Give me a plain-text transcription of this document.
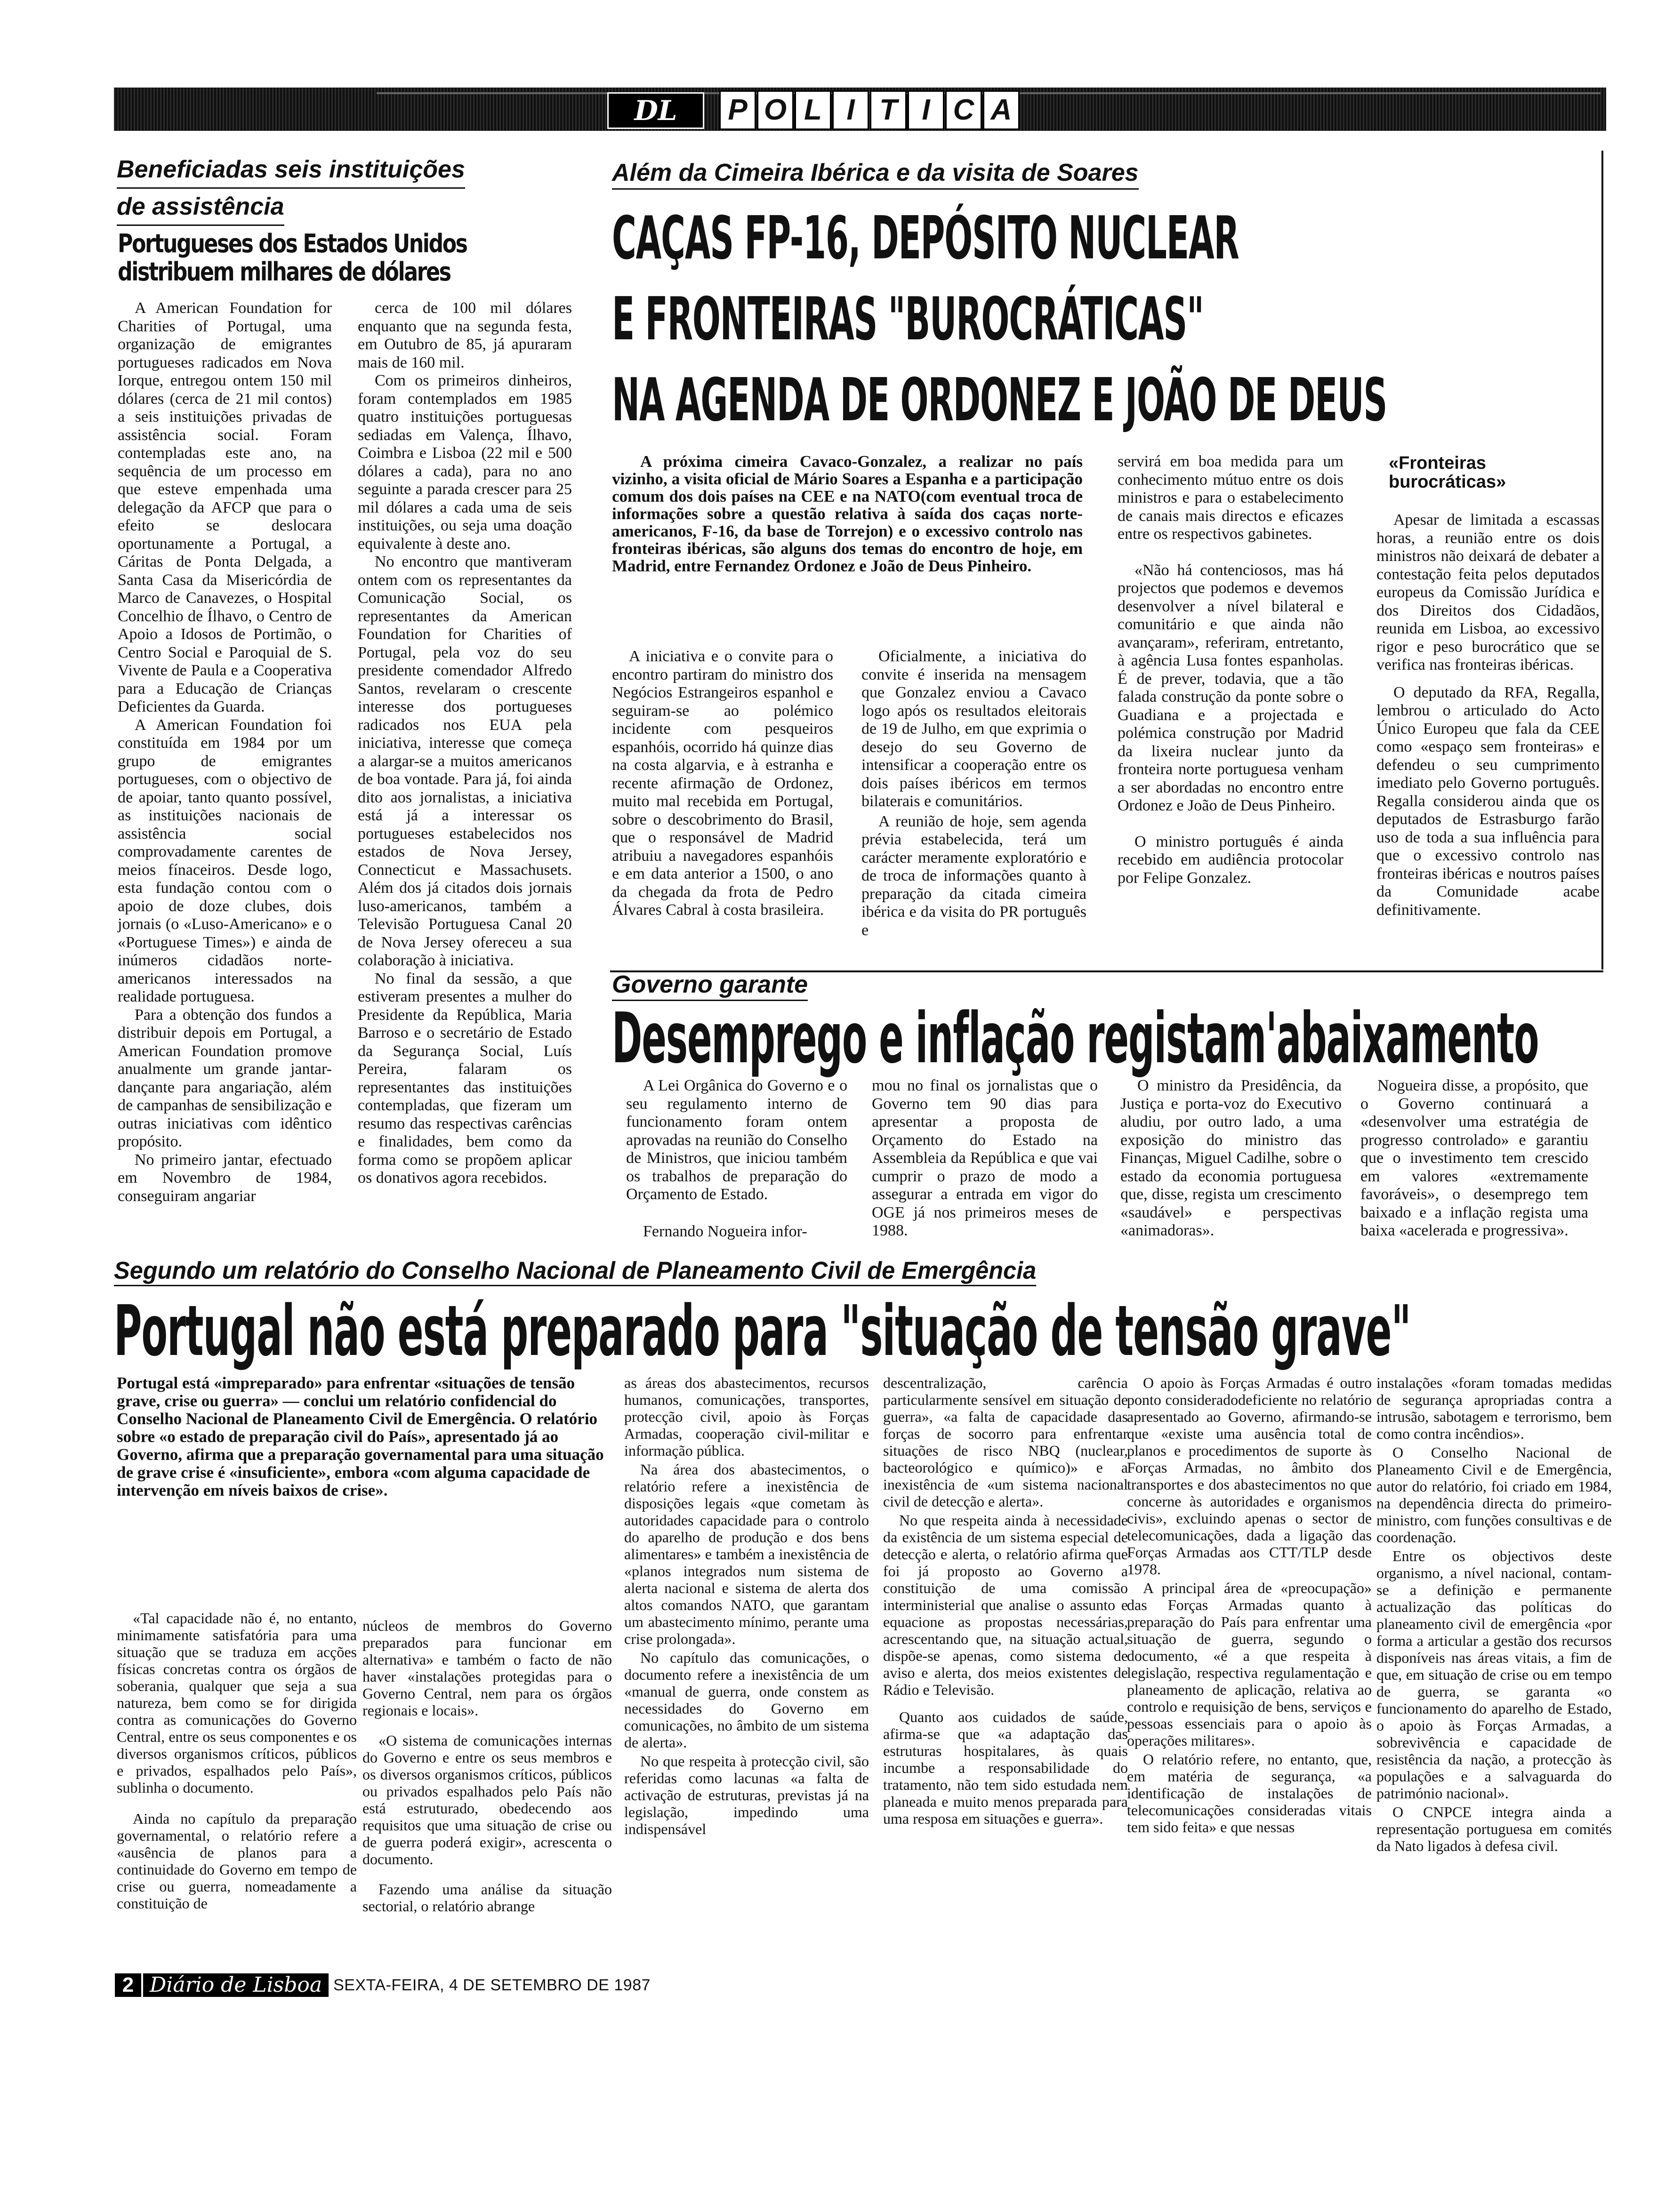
DL	P O L I T I C A
Beneficiadas seis instituições
de assistência
Portugueses dos Estados Unidos
distribuem milhares de dólares

A American Foundation for Charities of Portugal, uma organização de emigrantes portugueses radicados em Nova Iorque, entregou ontem 150 mil dólares (cerca de 21 mil contos) a seis instituições privadas de assistência social. Foram contempladas este ano, na sequência de um processo em que esteve empenhada uma delegação da AFCP que para o efeito se deslocara oportunamente a Portugal, a Cáritas de Ponta Delgada, a Santa Casa da Misericórdia de Marco de Canavezes, o Hospital Concelhio de Ílhavo, o Centro de Apoio a Idosos de Portimão, o Centro Social e Paroquial de S. Vivente de Paula e a Cooperativa para a Educação de Crianças Deficientes da Guarda.

A American Foundation foi constituída em 1984 por um grupo de emigrantes portugueses, com o objectivo de de apoiar, tanto quanto possível, as instituições nacionais de assistência social comprovadamente carentes de meios fínaceiros. Desde logo, esta fundação contou com o apoio de doze clubes, dois jornais (o «Luso-Americano» e o «Portuguese Times») e ainda de inúmeros cidadãos norte-americanos interessados na realidade portuguesa.

Para a obtenção dos fundos a distribuir depois em Portugal, a American Foundation promove anualmente um grande jantar-dançante para angariação, além de campanhas de sensibilização e outras iniciativas com idêntico propósito.

No primeiro jantar, efectuado em Novembro de 1984, conseguiram angariar

cerca de 100 mil dólares enquanto que na segunda festa, em Outubro de 85, já apuraram mais de 160 mil.

Com os primeiros dinheiros, foram contemplados em 1985 quatro instituições portuguesas sediadas em Valença, Ílhavo, Coimbra e Lisboa (22 mil e 500 dólares a cada), para no ano seguinte a parada crescer para 25 mil dólares a cada uma de seis instituições, ou seja uma doação equivalente à deste ano.

No encontro que mantiveram ontem com os representantes da Comunicação Social, os representantes da American Foundation for Charities of Portugal, pela voz do seu presidente comendador Alfredo Santos, revelaram o crescente interesse dos portugueses radicados nos EUA pela iniciativa, interesse que começa a alargar-se a muitos americanos de boa vontade. Para já, foi ainda dito aos jornalistas, a iniciativa está já a interessar os portugueses estabelecidos nos estados de Nova Jersey, Connecticut e Massachusets. Além dos já citados dois jornais luso-americanos, também a Televisão Portuguesa Canal 20 de Nova Jersey ofereceu a sua colaboração à iniciativa.

No final da sessão, a que estiveram presentes a mulher do Presidente da República, Maria Barroso e o secretário de Estado da Segurança Social, Luís Pereira, falaram os representantes das instituições contempladas, que fizeram um resumo das respectivas carências e finalidades, bem como da forma como se propõem aplicar os donativos agora recebidos.

Além da Cimeira Ibérica e da visita de Soares
CAÇAS FP-16, DEPÓSITO NUCLEAR
E FRONTEIRAS "BUROCRÁTICAS"
NA AGENDA DE ORDONEZ E JOÃO DE DEUS
A próxima cimeira Cavaco-Gonzalez, a realizar no país vizinho, a visita oficial de Mário Soares a Espanha e a participação comum dos dois países na CEE e na NATO(com eventual troca de informações sobre a questão relativa à saída dos caças norte-americanos, F-16, da base de Torrejon) e o excessivo controlo nas fronteiras ibéricas, são alguns dos temas do encontro de hoje, em Madrid, entre Fernandez Ordonez e João de Deus Pinheiro.

A iniciativa e o convite para o encontro partiram do ministro dos Negócios Estrangeiros espanhol e seguiram-se ao polémico incidente com pesqueiros espanhóis, ocorrido há quinze dias na costa algarvia, e à estranha e recente afirmação de Ordonez, muito mal recebida em Portugal, sobre o descobrimento do Brasil, que o responsável de Madrid atribuiu a navegadores espanhóis e em data anterior a 1500, o ano da chegada da frota de Pedro Álvares Cabral à costa brasileira.

Oficialmente, a iniciativa do convite é inserida na mensagem que Gonzalez enviou a Cavaco logo após os resultados eleitorais de 19 de Julho, em que exprimia o desejo do seu Governo de intensificar a cooperação entre os dois países ibéricos em termos bilaterais e comunitários.

A reunião de hoje, sem agenda prévia estabelecida, terá um carácter meramente exploratório e de troca de informações quanto à preparação da citada cimeira ibérica e da visita do PR português e

servirá em boa medida para um conhecimento mútuo entre os dois ministros e para o estabelecimento de canais mais directos e eficazes entre os respectivos gabinetes.

«Não há contenciosos, mas há projectos que podemos e devemos desenvolver a nível bilateral e comunitário e que ainda não avançaram», referiram, entretanto, à agência Lusa fontes espanholas. É de prever, todavia, que a tão falada construção da ponte sobre o Guadiana e a projectada e polémica construção por Madrid da lixeira nuclear junto da fronteira norte portuguesa venham a ser abordadas no encontro entre Ordonez e João de Deus Pinheiro.

O ministro português é ainda recebido em audiência protocolar por Felipe Gonzalez.

«Fronteiras burocráticas»

Apesar de limitada a escassas horas, a reunião entre os dois ministros não deixará de debater a contestação feita pelos deputados europeus da Comissão Jurídica e dos Direitos dos Cidadãos, reunida em Lisboa, ao excessivo rigor e peso burocrático que se verifica nas fronteiras ibéricas.

O deputado da RFA, Regalla, lembrou o articulado do Acto Único Europeu que fala da CEE como «espaço sem fronteiras» e defendeu o seu cumprimento imediato pelo Governo português. Regalla considerou ainda que os deputados de Estrasburgo farão uso de toda a sua influência para que o excessivo controlo nas fronteiras ibéricas e noutros países da Comunidade acabe definitivamente.

Governo garante
Desemprego e inflação registam'abaixamento

A Lei Orgânica do Governo e o seu regulamento interno de funcionamento foram ontem aprovadas na reunião do Conselho de Ministros, que iniciou também os trabalhos de preparação do Orçamento de Estado.

Fernando Nogueira infor-

mou no final os jornalistas que o Governo tem 90 dias para apresentar a proposta de Orçamento do Estado na Assembleia da República e que vai cumprir o prazo de modo a assegurar a entrada em vigor do OGE já nos primeiros meses de 1988.

O ministro da Presidência, da Justiça e porta-voz do Executivo aludiu, por outro lado, a uma exposição do ministro das Finanças, Miguel Cadilhe, sobre o estado da economia portuguesa que, disse, regista um crescimento «saudável» e perspectivas «animadoras».

Nogueira disse, a propósito, que o Governo continuará a «desenvolver uma estratégia de progresso controlado» e garantiu que o investimento tem crescido em valores «extremamente favoráveis», o desemprego tem baixado e a inflação regista uma baixa «acelerada e progressiva».

Segundo um relatório do Conselho Nacional de Planeamento Civil de Emergência
Portugal não está preparado para "situação de tensão grave"
Portugal está «impreparado» para enfrentar «situações de tensão grave, crise ou guerra» — conclui um relatório confidencial do Conselho Nacional de Planeamento Civil de Emergência. O relatório sobre «o estado de preparação civil do País», apresentado já ao Governo, afirma que a preparação governamental para uma situação de grave crise é «insuficiente», embora «com alguma capacidade de intervenção em níveis baixos de crise».

«Tal capacidade não é, no entanto, minimamente satisfatória para uma situação que se traduza em acções físicas concretas contra os órgãos de soberania, qualquer que seja a sua natureza, bem como se for dirigida contra as comunicações do Governo Central, entre os seus componentes e os diversos organismos críticos, públicos e privados, espalhados pelo País», sublinha o documento.

Ainda no capítulo da preparação governamental, o relatório refere a «ausência de planos para a continuidade do Governo em tempo de crise ou guerra, nomeadamente a constituição de

núcleos de membros do Governo preparados para funcionar em alternativa» e também o facto de não haver «instalações protegidas para o Governo Central, nem para os órgãos regionais e locais».

«O sistema de comunicações internas do Governo e entre os seus membros e os diversos organismos críticos, públicos ou privados espalhados pelo País não está estruturado, obedecendo aos requisitos que uma situação de crise ou de guerra poderá exigir», acrescenta o documento.

Fazendo uma análise da situação sectorial, o relatório abrange

as áreas dos abastecimentos, recursos humanos, comunicações, transportes, protecção civil, apoio às Forças Armadas, cooperação civil-militar e informação pública.

Na área dos abastecimentos, o relatório refere a inexistência de disposições legais «que cometam às autoridades capacidade para o controlo do aparelho de produção e dos bens alimentares» e também a inexistência de «planos integrados num sistema de alerta nacional e sistema de alerta dos altos comandos NATO, que garantam um abastecimento mínimo, perante uma crise prolongada».

No capítulo das comunicações, o documento refere a inexistência de um «manual de guerra, onde constem as necessidades do Governo em comunicações, no âmbito de um sistema de alerta».

No que respeita à protecção civil, são referidas como lacunas «a falta de activação de estruturas, previstas já na legislação, impedindo uma indispensável

descentralização, carência particularmente sensível em situação de guerra», «a falta de capacidade das forças de socorro para enfrentar situações de risco NBQ (nuclear, bacteorológico e químico)» e a inexistência de «um sistema nacional civil de detecção e alerta».

No que respeita ainda à necessidade da existência de um sistema especial de detecção e alerta, o relatório afirma que foi já proposto ao Governo a constituição de uma comissão interministerial que analise o assunto e equacione as propostas necessárias, acrescentando que, na situação actual, dispõe-se apenas, como sistema de aviso e alerta, dos meios existentes de Rádio e Televisão.

Quanto aos cuidados de saúde, afirma-se que «a adaptação das estruturas hospitalares, às quais incumbe a responsabilidade do tratamento, não tem sido estudada nem planeada e muito menos preparada para uma resposa em situações e guerra».

O apoio às Forças Armadas é outro ponto consideradodeficiente no relatório apresentado ao Governo, afirmando-se que «existe uma ausência total de planos e procedimentos de suporte às Forças Armadas, no âmbito dos transportes e dos abastecimentos no que concerne às autoridades e organismos civis», excluindo apenas o sector de telecomunicações, dada a ligação das Forças Armadas aos CTT/TLP desde 1978.

A principal área de «preocupação» das Forças Armadas quanto à preparação do País para enfrentar uma situação de guerra, segundo o documento, «é a que respeita à legislação, respectiva regulamentação e planeamento de aplicação, relativa ao controlo e requisição de bens, serviços e pessoas essenciais para o apoio às operações militares».

O relatório refere, no entanto, que, em matéria de segurança, «a identificação de instalações de telecomunicações consideradas vitais tem sido feita» e que nessas

instalações «foram tomadas medidas de segurança apropriadas contra a intrusão, sabotagem e terrorismo, bem como contra incêndios».

O Conselho Nacional de Planeamento Civil e de Emergência, autor do relatório, foi criado em 1984, na dependência directa do primeiro-ministro, com funções consultivas e de coordenação.

Entre os objectivos deste organismo, a nível nacional, contam-se a definição e permanente actualização das políticas do planeamento civil de emergência «por forma a articular a gestão dos recursos disponíveis nas áreas vitais, a fim de que, em situação de crise ou em tempo de guerra, se garanta «o funcionamento do aparelho de Estado, o apoio às Forças Armadas, a sobrevivência e capacidade de resistência da nação, a protecção às populações e a salvaguarda do património nacional».

O CNPCE integra ainda a representação portuguesa em comités da Nato ligados à defesa civil.

2 Diário de Lisboa SEXTA-FEIRA, 4 DE SETEMBRO DE 1987
